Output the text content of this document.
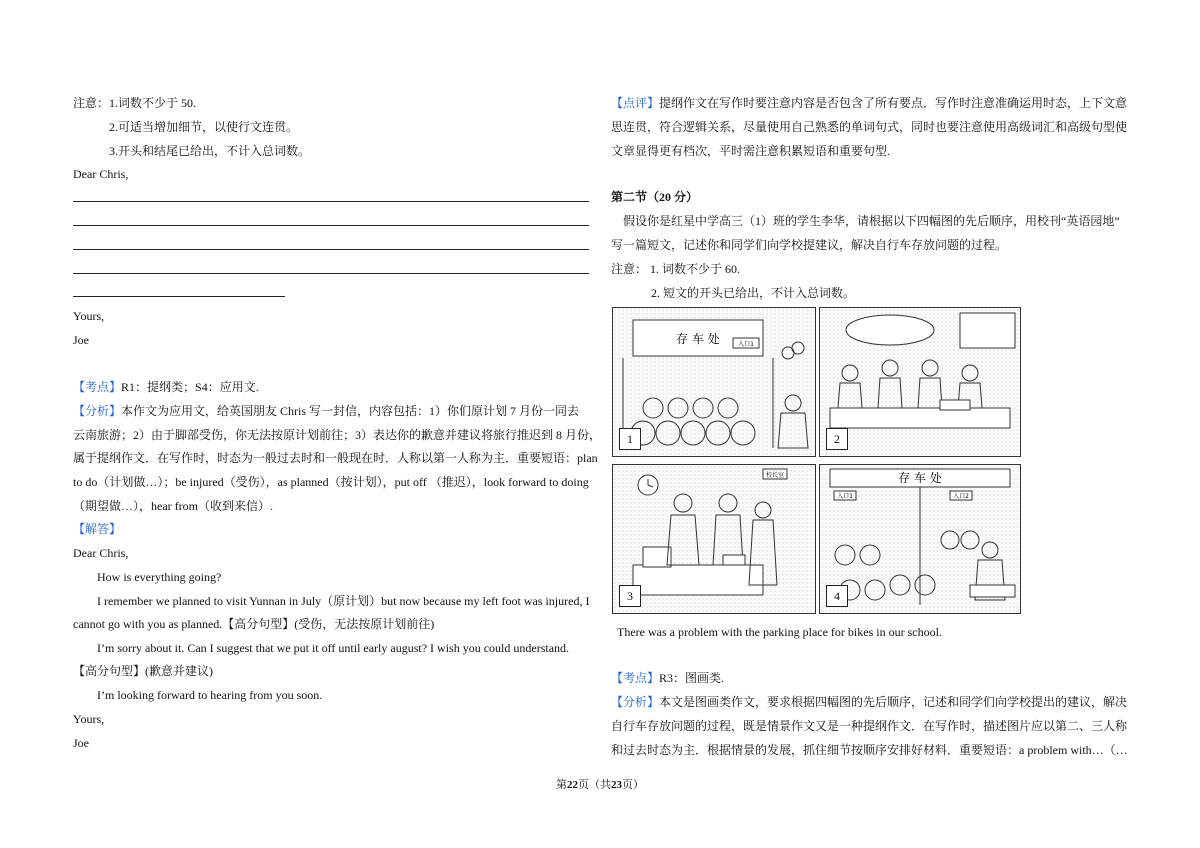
注意：1.词数不少于 50.
2.可适当增加细节，以使行文连贯。
3.开头和结尾已给出，不计入总词数。
Dear Chris,
Yours,
Joe
【考点】R1：提纲类；S4：应用文.
【分析】本作文为应用文，给英国朋友 Chris 写一封信，内容包括：1）你们原计划 7 月份一同去
云南旅游；2）由于脚部受伤，你无法按原计划前往；3）表达你的歉意并建议将旅行推迟到 8 月份，
属于提纲作文．在写作时，时态为一般过去时和一般现在时．人称以第一人称为主．重要短语：plan
to do（计划做…）；be injured（受伤），as planned（按计划），put off （推迟），look forward to doing
（期望做…），hear from（收到来信）.
【解答】
Dear Chris,
How is everything going?
I remember we planned to visit Yunnan in July（原计划）but now because my left foot was injured, I
cannot go with you as planned.【高分句型】(受伤，无法按原计划前往)
I’m sorry about it. Can I suggest that we put it off until early august? I wish you could understand.
【高分句型】(歉意并建议)
I’m looking forward to hearing from you soon.
Yours,
Joe
【点评】提纲作文在写作时要注意内容是否包含了所有要点．写作时注意准确运用时态，上下文意
思连贯，符合逻辑关系，尽量使用自己熟悉的单词句式，同时也要注意使用高级词汇和高级句型使
文章显得更有档次，平时需注意积累短语和重要句型.
第二节（20 分）
假设你是红星中学高三（1）班的学生李华，请根据以下四幅图的先后顺序，用校刊“英语园地”
写一篇短文，记述你和同学们向学校提建议，解决自行车存放问题的过程。
注意： 1. 词数不少于 60.
2. 短文的开头已给出，不计入总词数。
存 车 处	入口1
1	2
校长室
3
存 车 处
入口1	入口2
4
There was a problem with the parking place for bikes in our school.
【考点】R3：图画类.
【分析】本文是图画类作文，要求根据四幅图的先后顺序，记述和同学们向学校提出的建议，解决
自行车存放问题的过程，既是情景作文又是一种提纲作文．在写作时，描述图片应以第二、三人称
和过去时态为主．根据情景的发展，抓住细节按顺序安排好材料．重要短语：a problem with…（…
第22页（共23页）
